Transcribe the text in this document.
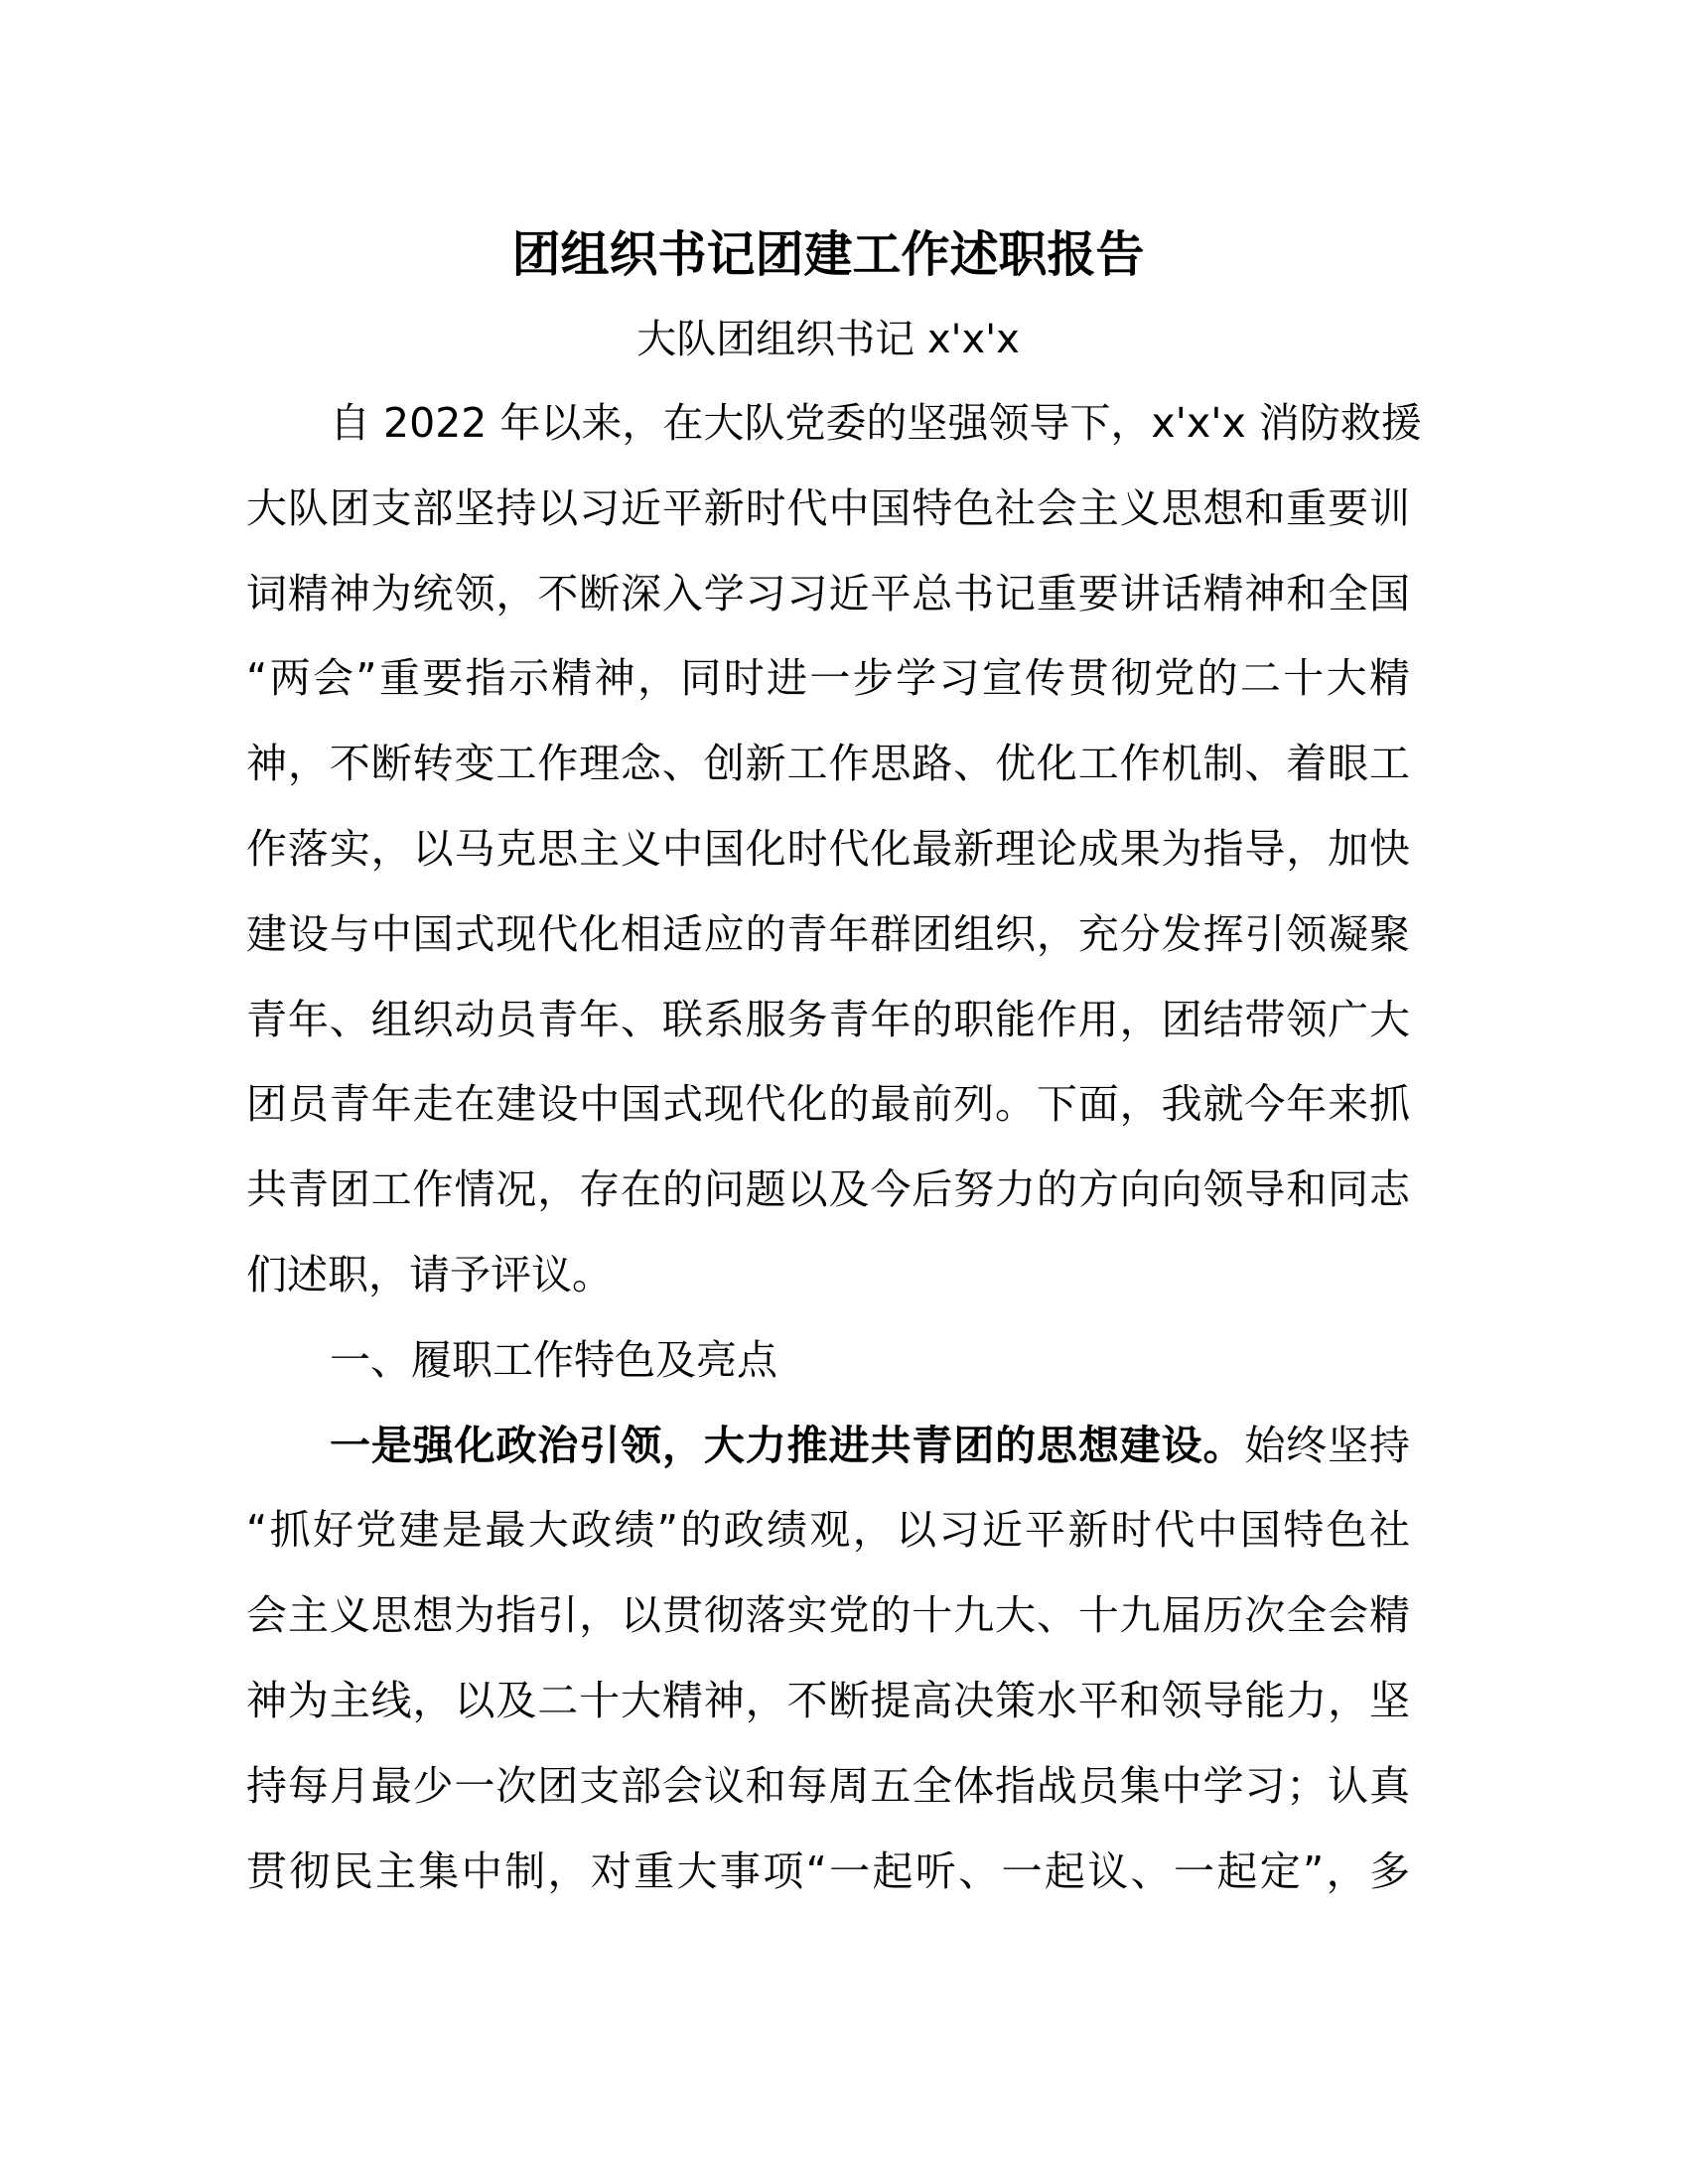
团组织书记团建工作述职报告
大队团组织书记 x'x'x
自 2022 年以来，在大队党委的坚强领导下，x'x'x 消防救援
大队团支部坚持以习近平新时代中国特色社会主义思想和重要训
词精神为统领，不断深入学习习近平总书记重要讲话精神和全国
“两会”重要指示精神，同时进一步学习宣传贯彻党的二十大精
神，不断转变工作理念、创新工作思路、优化工作机制、着眼工
作落实，以马克思主义中国化时代化最新理论成果为指导，加快
建设与中国式现代化相适应的青年群团组织，充分发挥引领凝聚
青年、组织动员青年、联系服务青年的职能作用，团结带领广大
团员青年走在建设中国式现代化的最前列。下面，我就今年来抓
共青团工作情况，存在的问题以及今后努力的方向向领导和同志
们述职，请予评议。
一、履职工作特色及亮点
一是强化政治引领，大力推进共青团的思想建设。始终坚持
“抓好党建是最大政绩”的政绩观，以习近平新时代中国特色社
会主义思想为指引，以贯彻落实党的十九大、十九届历次全会精
神为主线，以及二十大精神，不断提高决策水平和领导能力，坚
持每月最少一次团支部会议和每周五全体指战员集中学习；认真
贯彻民主集中制，对重大事项“一起听、一起议、一起定”，多
